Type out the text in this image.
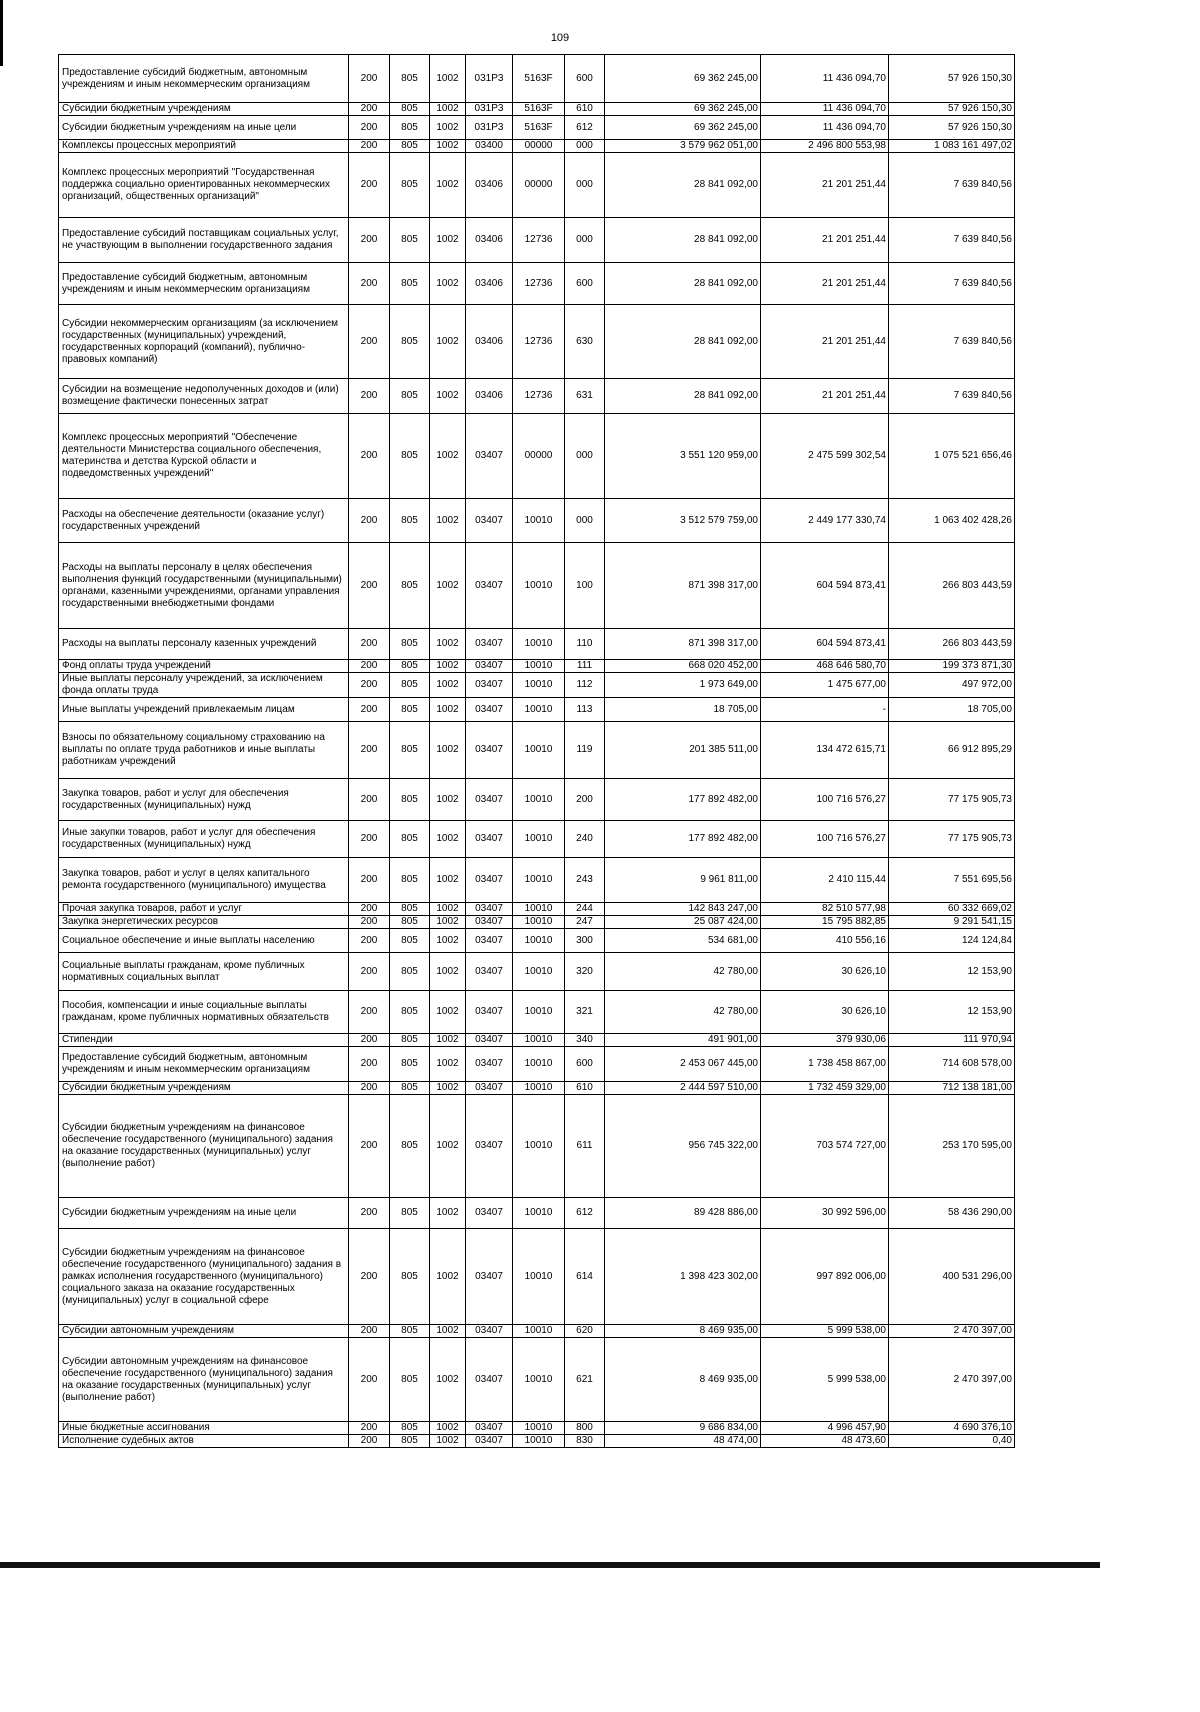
109
Предоставление субсидий бюджетным, автономным учреждениям и иным некоммерческим организациям	200	805	1002	031P3	5163F	600	69 362 245,00	11 436 094,70	57 926 150,30
Субсидии бюджетным учреждениям	200	805	1002	031P3	5163F	610	69 362 245,00	11 436 094,70	57 926 150,30
Субсидии бюджетным учреждениям на иные цели	200	805	1002	031P3	5163F	612	69 362 245,00	11 436 094,70	57 926 150,30
Комплексы процессных мероприятий	200	805	1002	03400	00000	000	3 579 962 051,00	2 496 800 553,98	1 083 161 497,02
Комплекс процессных мероприятий "Государственная поддержка социально ориентированных некоммерческих организаций, общественных организаций"	200	805	1002	03406	00000	000	28 841 092,00	21 201 251,44	7 639 840,56
Предоставление субсидий поставщикам социальных услуг, не участвующим в выполнении государственного задания	200	805	1002	03406	12736	000	28 841 092,00	21 201 251,44	7 639 840,56
Предоставление субсидий бюджетным, автономным учреждениям и иным некоммерческим организациям	200	805	1002	03406	12736	600	28 841 092,00	21 201 251,44	7 639 840,56
Субсидии некоммерческим организациям (за исключением государственных (муниципальных) учреждений, государственных корпораций (компаний), публично-правовых компаний)	200	805	1002	03406	12736	630	28 841 092,00	21 201 251,44	7 639 840,56
Субсидии на возмещение недополученных доходов и (или) возмещение фактически понесенных затрат	200	805	1002	03406	12736	631	28 841 092,00	21 201 251,44	7 639 840,56
Комплекс процессных мероприятий "Обеспечение деятельности Министерства социального обеспечения, материнства и детства Курской области и подведомственных учреждений"	200	805	1002	03407	00000	000	3 551 120 959,00	2 475 599 302,54	1 075 521 656,46
Расходы на обеспечение деятельности (оказание услуг) государственных учреждений	200	805	1002	03407	10010	000	3 512 579 759,00	2 449 177 330,74	1 063 402 428,26
Расходы на выплаты персоналу в целях обеспечения выполнения функций государственными (муниципальными) органами, казенными учреждениями, органами управления государственными внебюджетными фондами	200	805	1002	03407	10010	100	871 398 317,00	604 594 873,41	266 803 443,59
Расходы на выплаты персоналу казенных учреждений	200	805	1002	03407	10010	110	871 398 317,00	604 594 873,41	266 803 443,59
Фонд оплаты труда учреждений	200	805	1002	03407	10010	111	668 020 452,00	468 646 580,70	199 373 871,30
Иные выплаты персоналу учреждений, за исключением фонда оплаты труда	200	805	1002	03407	10010	112	1 973 649,00	1 475 677,00	497 972,00
Иные выплаты учреждений привлекаемым лицам	200	805	1002	03407	10010	113	18 705,00	-	18 705,00
Взносы по обязательному социальному страхованию на выплаты по оплате труда работников и иные выплаты работникам учреждений	200	805	1002	03407	10010	119	201 385 511,00	134 472 615,71	66 912 895,29
Закупка товаров, работ и услуг для обеспечения государственных (муниципальных) нужд	200	805	1002	03407	10010	200	177 892 482,00	100 716 576,27	77 175 905,73
Иные закупки товаров, работ и услуг для обеспечения государственных (муниципальных) нужд	200	805	1002	03407	10010	240	177 892 482,00	100 716 576,27	77 175 905,73
Закупка товаров, работ и услуг в целях капитального ремонта государственного (муниципального) имущества	200	805	1002	03407	10010	243	9 961 811,00	2 410 115,44	7 551 695,56
Прочая закупка товаров, работ и услуг	200	805	1002	03407	10010	244	142 843 247,00	82 510 577,98	60 332 669,02
Закупка энергетических ресурсов	200	805	1002	03407	10010	247	25 087 424,00	15 795 882,85	9 291 541,15
Социальное обеспечение и иные выплаты населению	200	805	1002	03407	10010	300	534 681,00	410 556,16	124 124,84
Социальные выплаты гражданам, кроме публичных нормативных социальных выплат	200	805	1002	03407	10010	320	42 780,00	30 626,10	12 153,90
Пособия, компенсации и иные социальные выплаты гражданам, кроме публичных нормативных обязательств	200	805	1002	03407	10010	321	42 780,00	30 626,10	12 153,90
Стипендии	200	805	1002	03407	10010	340	491 901,00	379 930,06	111 970,94
Предоставление субсидий бюджетным, автономным учреждениям и иным некоммерческим организациям	200	805	1002	03407	10010	600	2 453 067 445,00	1 738 458 867,00	714 608 578,00
Субсидии бюджетным учреждениям	200	805	1002	03407	10010	610	2 444 597 510,00	1 732 459 329,00	712 138 181,00
Субсидии бюджетным учреждениям на финансовое обеспечение государственного (муниципального) задания на оказание государственных (муниципальных) услуг (выполнение работ)	200	805	1002	03407	10010	611	956 745 322,00	703 574 727,00	253 170 595,00
Субсидии бюджетным учреждениям на иные цели	200	805	1002	03407	10010	612	89 428 886,00	30 992 596,00	58 436 290,00
Субсидии бюджетным учреждениям на финансовое обеспечение государственного (муниципального) задания в рамках исполнения государственного (муниципального) социального заказа на оказание государственных (муниципальных) услуг в социальной сфере	200	805	1002	03407	10010	614	1 398 423 302,00	997 892 006,00	400 531 296,00
Субсидии автономным учреждениям	200	805	1002	03407	10010	620	8 469 935,00	5 999 538,00	2 470 397,00
Субсидии автономным учреждениям на финансовое обеспечение государственного (муниципального) задания на оказание государственных (муниципальных) услуг (выполнение работ)	200	805	1002	03407	10010	621	8 469 935,00	5 999 538,00	2 470 397,00
Иные бюджетные ассигнования	200	805	1002	03407	10010	800	9 686 834,00	4 996 457,90	4 690 376,10
Исполнение судебных актов	200	805	1002	03407	10010	830	48 474,00	48 473,60	0,40
